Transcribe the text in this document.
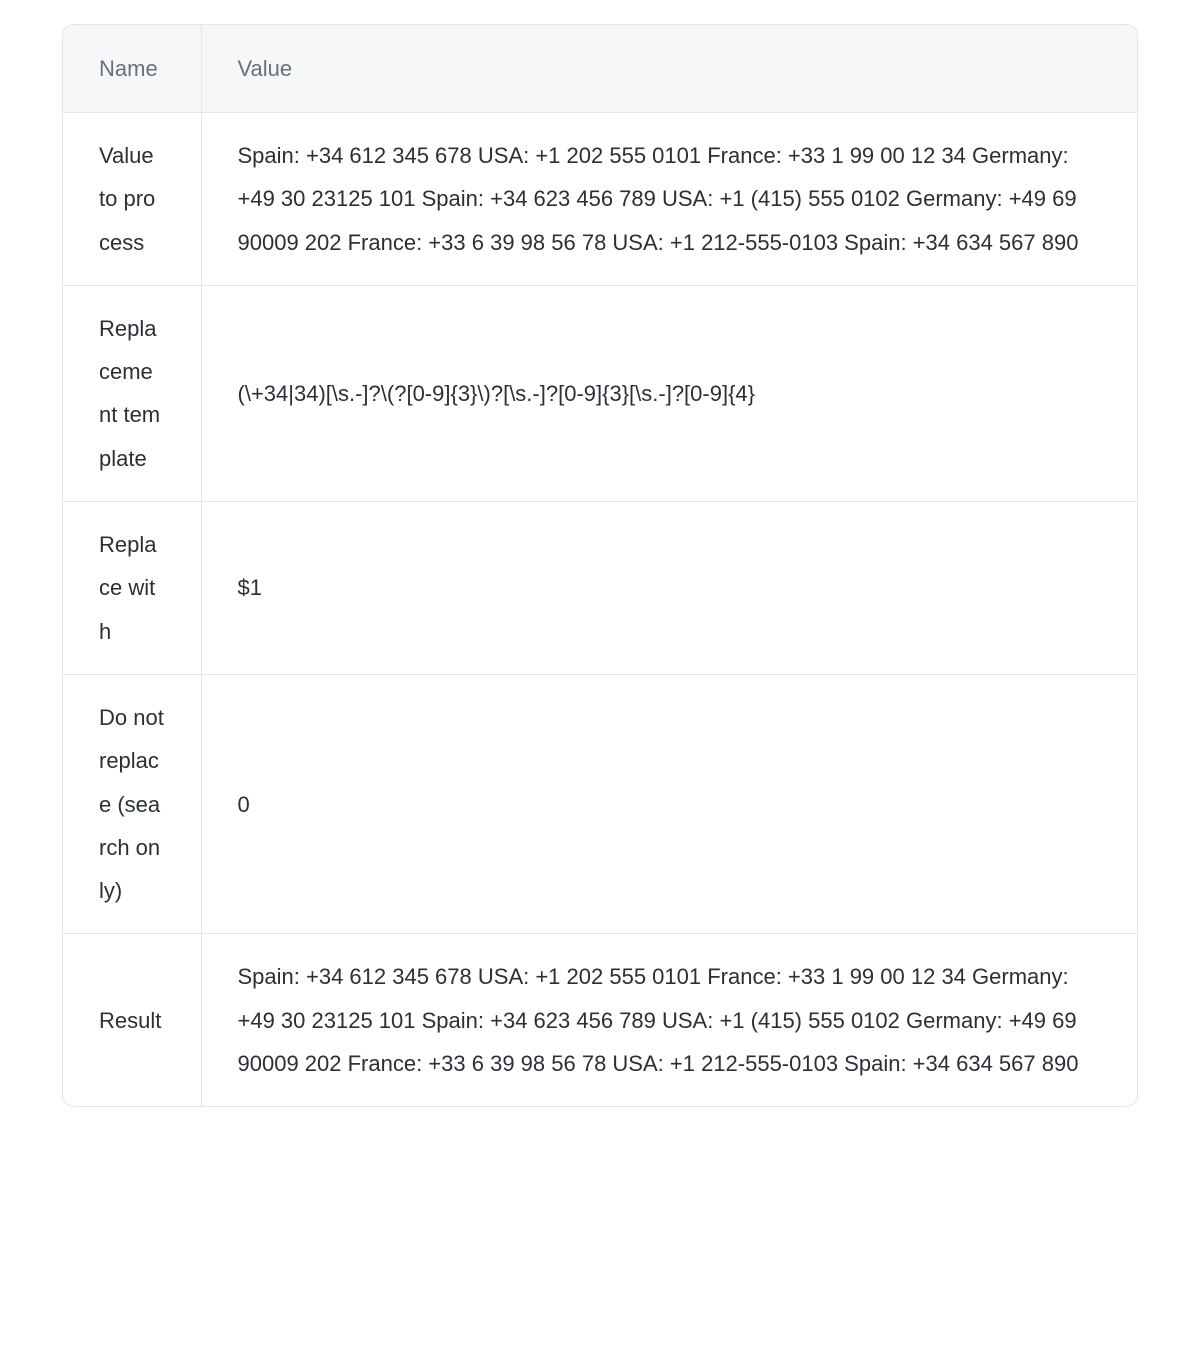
Name	Value
Value to process	Spain: +34 612 345 678 USA: +1 202 555 0101 France: +33 1 99 00 12 34 Germany: +49 30 23125 101 Spain: +34 623 456 789 USA: +1 (415) 555 0102 Germany: +49 69 90009 202 France: +33 6 39 98 56 78 USA: +1 212-555-0103 Spain: +34 634 567 890
Replacement template	(\+34|34)[\s.-]?\(?[0-9]{3}\)?[\s.-]?[0-9]{3}[\s.-]?[0-9]{4}
Replace with	$1
Do not replace (search only)	0
Result	Spain: +34 612 345 678 USA: +1 202 555 0101 France: +33 1 99 00 12 34 Germany: +49 30 23125 101 Spain: +34 623 456 789 USA: +1 (415) 555 0102 Germany: +49 69 90009 202 France: +33 6 39 98 56 78 USA: +1 212-555-0103 Spain: +34 634 567 890
